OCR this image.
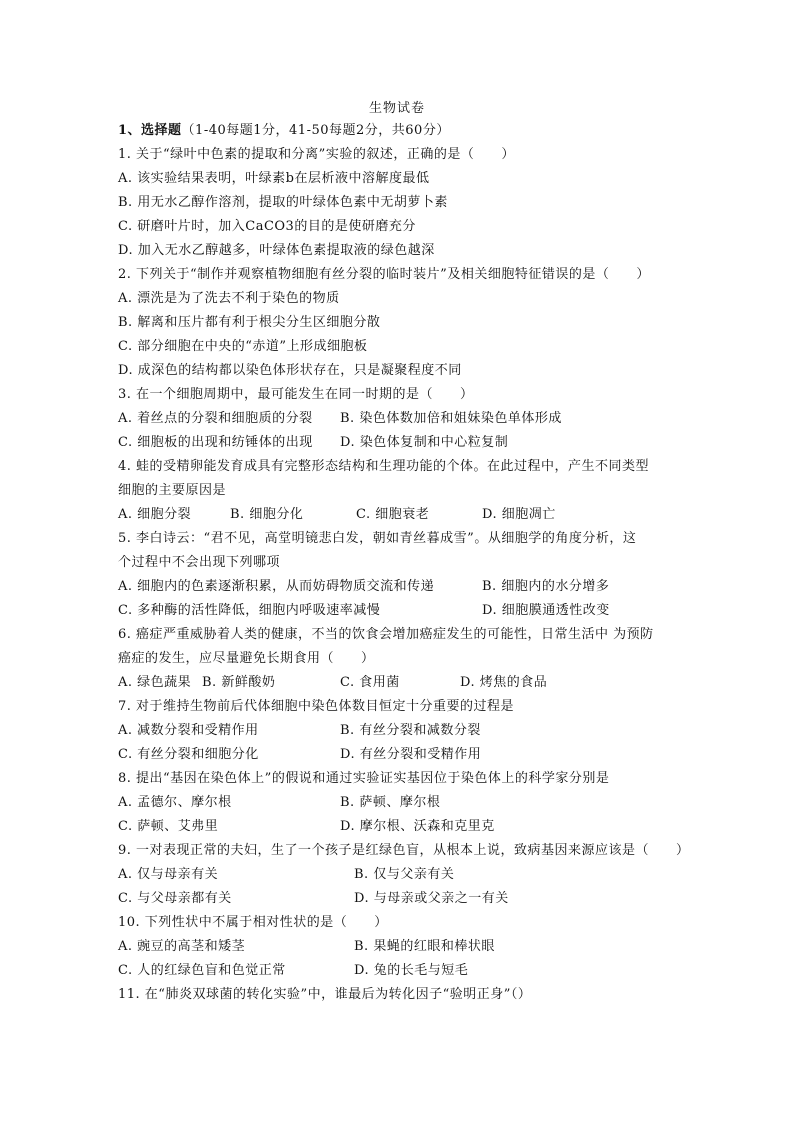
生物试卷
1、选择题（1-40每题1分，41-50每题2分，共60分）
1. 关于“绿叶中色素的提取和分离”实验的叙述，正确的是（　　）
A. 该实验结果表明，叶绿素b在层析液中溶解度最低
B. 用无水乙醇作溶剂，提取的叶绿体色素中无胡萝卜素
C. 研磨叶片时，加入CaCO3的目的是使研磨充分
D. 加入无水乙醇越多，叶绿体色素提取液的绿色越深
2. 下列关于“制作并观察植物细胞有丝分裂的临时装片”及相关细胞特征错误的是（　　）
A. 漂洗是为了洗去不利于染色的物质
B. 解离和压片都有利于根尖分生区细胞分散
C. 部分细胞在中央的“赤道”上形成细胞板
D. 成深色的结构都以染色体形状存在，只是凝聚程度不同
3. 在一个细胞周期中，最可能发生在同一时期的是（　　）
A. 着丝点的分裂和细胞质的分裂 B. 染色体数加倍和姐妹染色单体形成
C. 细胞板的出现和纺锤体的出现 D. 染色体复制和中心粒复制
4. 蛙的受精卵能发育成具有完整形态结构和生理功能的个体。在此过程中，产生不同类型
细胞的主要原因是
A. 细胞分裂	B. 细胞分化	C. 细胞衰老	D. 细胞凋亡
5. 李白诗云：“君不见，高堂明镜悲白发，朝如青丝暮成雪”。从细胞学的角度分析，这
个过程中不会出现下列哪项
A. 细胞内的色素逐渐积累，从而妨碍物质交流和传递	B. 细胞内的水分增多
C. 多种酶的活性降低，细胞内呼吸速率减慢	D. 细胞膜通透性改变
6. 癌症严重威胁着人类的健康，不当的饮食会增加癌症发生的可能性，日常生活中 为预防
癌症的发生，应尽量避免长期食用（　　）
A. 绿色蔬果 B. 新鲜酸奶	C. 食用菌	D. 烤焦的食品
7. 对于维持生物前后代体细胞中染色体数目恒定十分重要的过程是
A. 减数分裂和受精作用	B. 有丝分裂和减数分裂
C. 有丝分裂和细胞分化	D. 有丝分裂和受精作用
8. 提出“基因在染色体上”的假说和通过实验证实基因位于染色体上的科学家分别是
A. 孟德尔、摩尔根	B. 萨顿、摩尔根
C. 萨顿、艾弗里	D. 摩尔根、沃森和克里克
9. 一对表现正常的夫妇，生了一个孩子是红绿色盲，从根本上说，致病基因来源应该是（　　）
A. 仅与母亲有关	B. 仅与父亲有关
C. 与父母亲都有关	D. 与母亲或父亲之一有关
10. 下列性状中不属于相对性状的是（　　）
A. 豌豆的高茎和矮茎	B. 果蝇的红眼和棒状眼
C. 人的红绿色盲和色觉正常	D. 兔的长毛与短毛
11. 在“肺炎双球菌的转化实验”中，谁最后为转化因子“验明正身”（）
